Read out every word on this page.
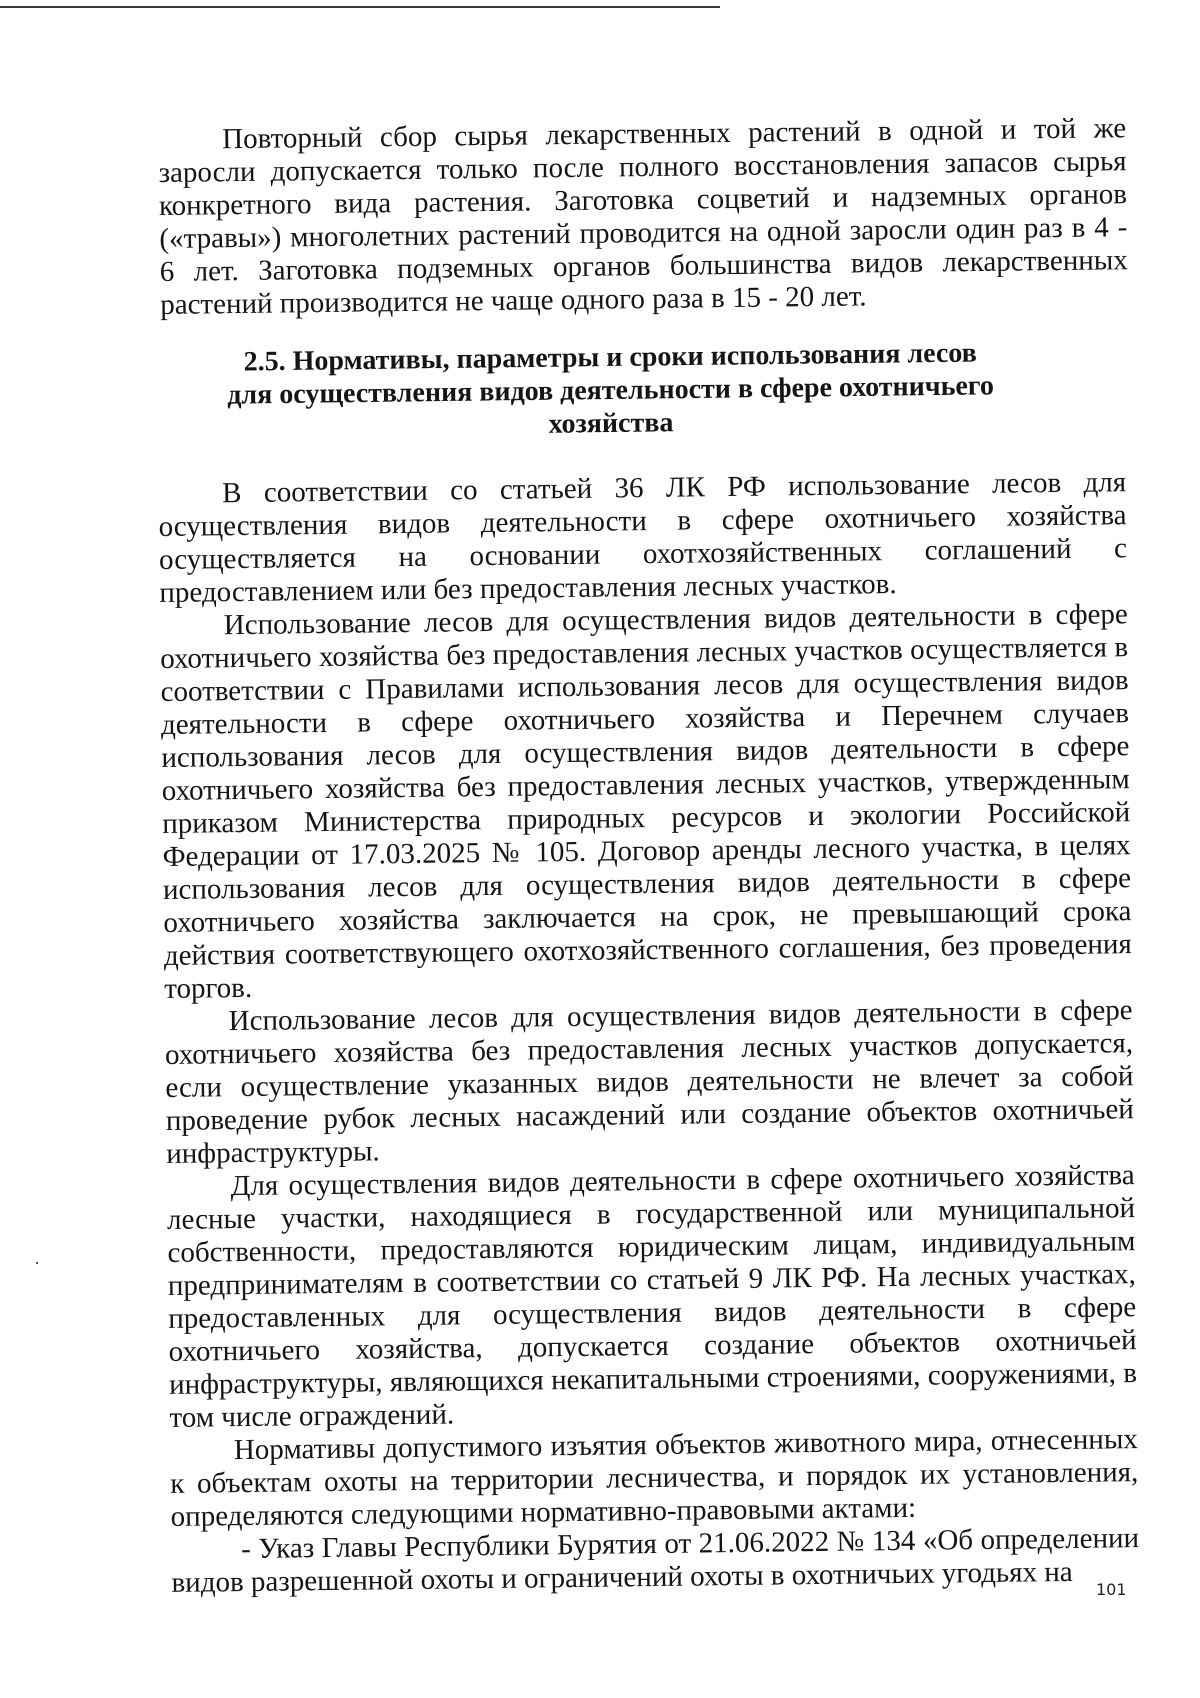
Повторный сбор сырья лекарственных растений в одной и той же заросли допускается только после полного восстановления запасов сырья конкретного вида растения. Заготовка соцветий и надземных органов («травы») многолетних растений проводится на одной заросли один раз в 4 - 6 лет. Заготовка подземных органов большинства видов лекарственных растений производится не чаще одного раза в 15 - 20 лет.

2.5. Нормативы, параметры и сроки использования лесов
для осуществления видов деятельности в сфере охотничьего
хозяйства

В соответствии со статьей 36 ЛК РФ использование лесов для осуществления видов деятельности в сфере охотничьего хозяйства осуществляется на основании охотхозяйственных соглашений с предоставлением или без предоставления лесных участков.

Использование лесов для осуществления видов деятельности в сфере охотничьего хозяйства без предоставления лесных участков осуществляется в соответствии с Правилами использования лесов для осуществления видов деятельности в сфере охотничьего хозяйства и Перечнем случаев использования лесов для осуществления видов деятельности в сфере охотничьего хозяйства без предоставления лесных участков, утвержденным приказом Министерства природных ресурсов и экологии Российской Федерации от 17.03.2025 № 105. Договор аренды лесного участка, в целях использования лесов для осуществления видов деятельности в сфере охотничьего хозяйства заключается на срок, не превышающий срока действия соответствующего охотхозяйственного соглашения, без проведения торгов.

Использование лесов для осуществления видов деятельности в сфере охотничьего хозяйства без предоставления лесных участков допускается, если осуществление указанных видов деятельности не влечет за собой проведение рубок лесных насаждений или создание объектов охотничьей инфраструктуры.

Для осуществления видов деятельности в сфере охотничьего хозяйства лесные участки, находящиеся в государственной или муниципальной собственности, предоставляются юридическим лицам, индивидуальным предпринимателям в соответствии со статьей 9 ЛК РФ. На лесных участках, предоставленных для осуществления видов деятельности в сфере охотничьего хозяйства, допускается создание объектов охотничьей инфраструктуры, являющихся некапитальными строениями, сооружениями, в том числе ограждений.

Нормативы допустимого изъятия объектов животного мира, отнесенных к объектам охоты на территории лесничества, и порядок их установления, определяются следующими нормативно-правовыми актами:

- Указ Главы Республики Бурятия от 21.06.2022 № 134 «Об определении видов разрешенной охоты и ограничений охоты в охотничьих угодьях на	101
